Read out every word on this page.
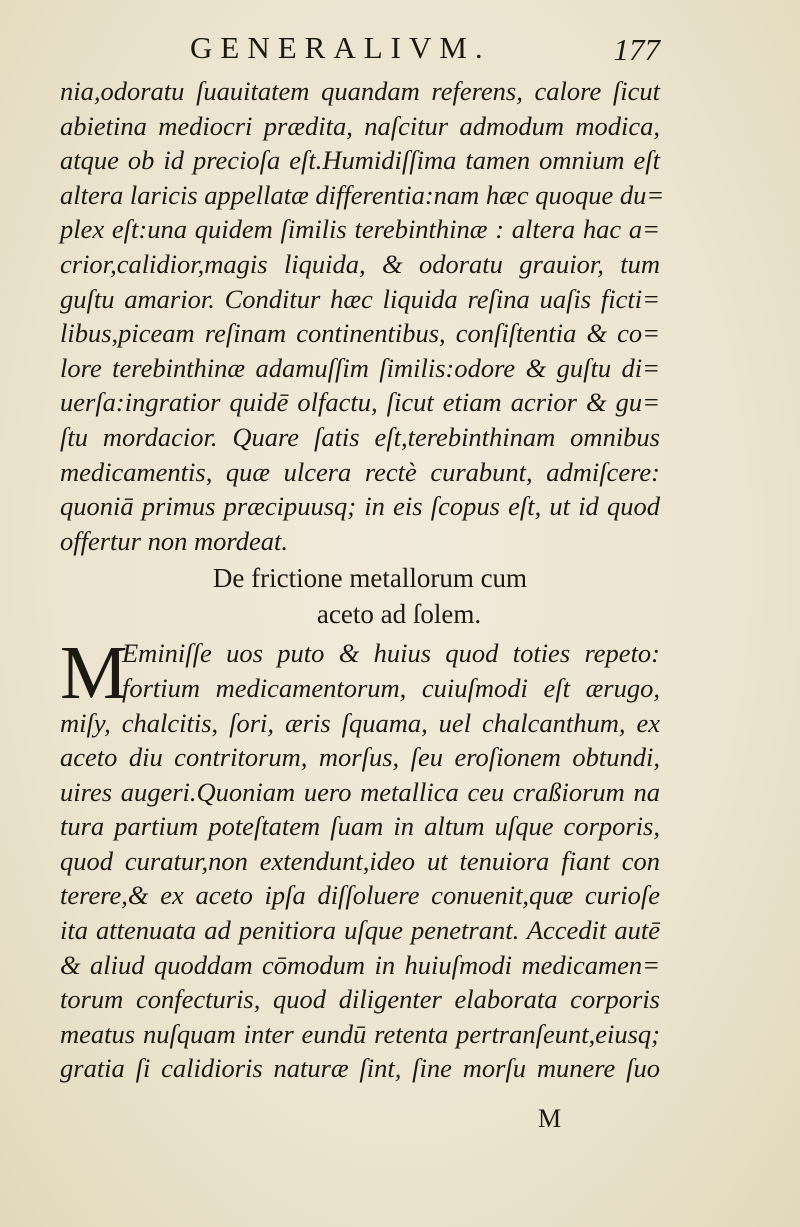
GENERALIVM.	177
nia,odoratu ſuauitatem quandam referens, calore ſicut
abietina mediocri prædita, naſcitur admodum modica,
atque ob id precioſa eſt.Humidiſſima tamen omnium eſt
altera laricis appellatæ differentia:nam hæc quoque du=
plex eſt:una quidem ſimilis terebinthinæ : altera hac a=
crior,calidior,magis liquida, & odoratu grauior, tum
guſtu amarior. Conditur hæc liquida reſina uaſis ficti=
libus,piceam reſinam continentibus, conſiſtentia & co=
lore terebinthinæ adamuſſim ſimilis:odore & guſtu di=
uerſa:ingratior quidē olfactu, ſicut etiam acrior & gu=
ſtu mordacior. Quare ſatis eſt,terebinthinam omnibus
medicamentis, quæ ulcera rectè curabunt, admiſcere:
quoniā primus præcipuusq; in eis ſcopus eſt, ut id quod
offertur non mordeat.
De frictione metallorum cum
aceto ad ſolem.
M
Eminiſſe uos puto & huius quod toties repeto:
fortium medicamentorum, cuiuſmodi eſt ærugo,
miſy, chalcitis, ſori, æris ſquama, uel chalcanthum, ex
aceto diu contritorum, morſus, ſeu eroſionem obtundi,
uires augeri.Quoniam uero metallica ceu craßiorum na
tura partium poteſtatem ſuam in altum uſque corporis,
quod curatur,non extendunt,ideo ut tenuiora fiant con
terere,& ex aceto ipſa diſſoluere conuenit,quæ curioſe
ita attenuata ad penitiora uſque penetrant. Accedit autē
& aliud quoddam cōmodum in huiuſmodi medicamen=
torum confecturis, quod diligenter elaborata corporis
meatus nuſquam inter eundū retenta pertranſeunt,eiusq;
gratia ſi calidioris naturæ ſint, ſine morſu munere ſuo
M
